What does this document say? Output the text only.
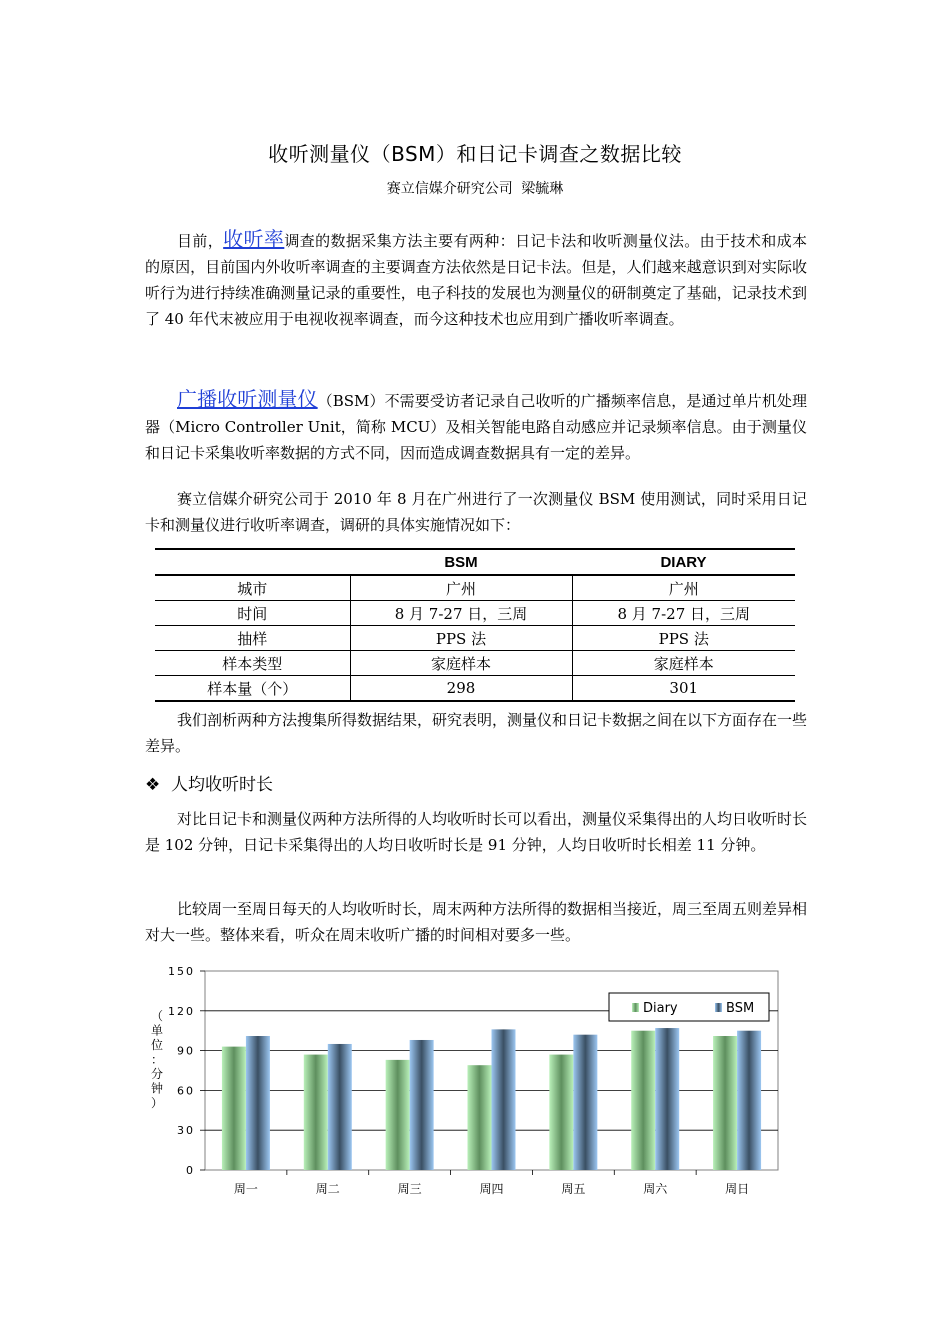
收听测量仪（BSM）和日记卡调查之数据比较
赛立信媒介研究公司 梁毓琳

目前，收听率调查的数据采集方法主要有两种：日记卡法和收听测量仪法。由于技术和成本的原因，目前国内外收听率调查的主要调查方法依然是日记卡法。但是，人们越来越意识到对实际收听行为进行持续准确测量记录的重要性，电子科技的发展也为测量仪的研制奠定了基础，记录技术到了 40 年代末被应用于电视收视率调查，而今这种技术也应用到广播收听率调查。

广播收听测量仪（BSM）不需要受访者记录自己收听的广播频率信息，是通过单片机处理器（Micro Controller Unit，简称 MCU）及相关智能电路自动感应并记录频率信息。由于测量仪和日记卡采集收听率数据的方式不同，因而造成调查数据具有一定的差异。

赛立信媒介研究公司于 2010 年 8 月在广州进行了一次测量仪 BSM 使用测试，同时采用日记卡和测量仪进行收听率调查，调研的具体实施情况如下：

	BSM	DIARY
城市	广州	广州
时间	8 月 7-27 日，三周	8 月 7-27 日，三周
抽样	PPS 法	PPS 法
样本类型	家庭样本	家庭样本
样本量（个）	298	301

我们剖析两种方法搜集所得数据结果，研究表明，测量仪和日记卡数据之间在以下方面存在一些差异。

❖ 人均收听时长

对比日记卡和测量仪两种方法所得的人均收听时长可以看出，测量仪采集得出的人均日收听时长是 102 分钟，日记卡采集得出的人均日收听时长是 91 分钟，人均日收听时长相差 11 分钟。

比较周一至周日每天的人均收听时长，周末两种方法所得的数据相当接近，周三至周五则差异相对大一些。整体来看，听众在周末收听广播的时间相对要多一些。

150
120
90
60
30
0
周一	周二	周三	周四	周五	周六	周日
Diary	BSM
（
单
位
：
分
钟
）
